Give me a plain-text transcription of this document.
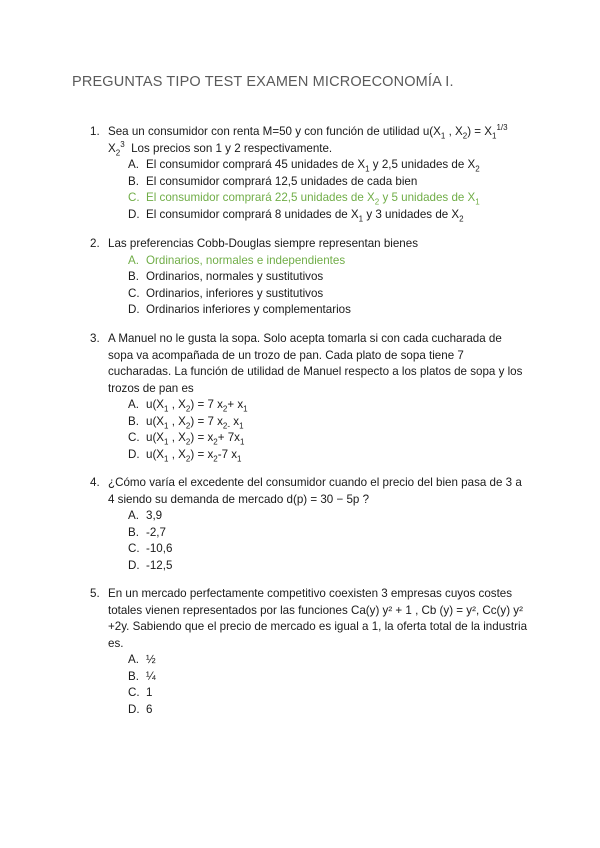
PREGUNTAS TIPO TEST EXAMEN MICROECONOMÍA I.
1. Sea un consumidor con renta M=50 y con función de utilidad $u(X_1$ , $X_2) = X_1^{1/3}$
$X_2^3$ Los precios son 1 y 2 respectivamente.
A. El consumidor comprará 45 unidades de $X_1$ y 2,5 unidades de $X_2$
B. El consumidor comprará 12,5 unidades de cada bien
C. El consumidor comprará 22,5 unidades de $X_2$ y 5 unidades de $X_1$
D. El consumidor comprará 8 unidades de $X_1$ y 3 unidades de $X_2$
2. Las preferencias Cobb-Douglas siempre representan bienes
A. Ordinarios, normales e independientes
B. Ordinarios, normales y sustitutivos
C. Ordinarios, inferiores y sustitutivos
D. Ordinarios inferiores y complementarios
3. A Manuel no le gusta la sopa. Solo acepta tomarla si con cada cucharada de sopa va acompañada de un trozo de pan. Cada plato de sopa tiene 7 cucharadas. La función de utilidad de Manuel respecto a los platos de sopa y los trozos de pan es
A. $u(X_1$ , $X_2) = 7$ $x_2+ x_1$
B. $u(X_1$ , $X_2) = 7$ $x_{2-}$ $x_1$
C. $u(X_1$ , $X_2) = x_2+ 7x_1$
D. $u(X_1$ , $X_2) = x_2-7$ $x_1$
4. ¿Cómo varía el excedente del consumidor cuando el precio del bien pasa de 3 a 4 siendo su demanda de mercado d(p) = 30 − 5p ?
A. 3,9
B. -2,7
C. -10,6
D. -12,5
5. En un mercado perfectamente competitivo coexisten 3 empresas cuyos costes totales vienen representados por las funciones Ca(y) y² + 1 , Cb (y) = y², Cc(y) y² +2y. Sabiendo que el precio de mercado es igual a 1, la oferta total de la industria es.
A. ½
B. ¼
C. 1
D. 6
